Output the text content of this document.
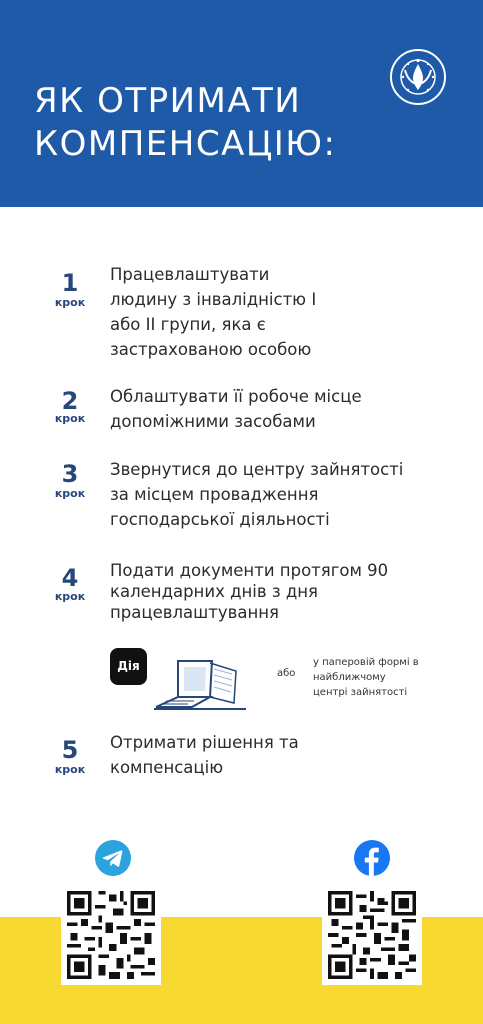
ЯК ОТРИМАТИ
КОМПЕНСАЦІЮ:
1
крок
Працевлаштувати
людину з інвалідністю І
або ІІ групи, яка є
застрахованою особою
2
крок
Облаштувати її робоче місце
допоміжними засобами
3
крок
Звернутися до центру зайнятості
за місцем провадження
господарської діяльності
4
крок
Подати документи протягом 90
календарних днів з дня
працевлаштування
Дія
або
у паперовій формі в
найближчому
центрі зайнятості
5
крок
Отримати рішення та
компенсацію
